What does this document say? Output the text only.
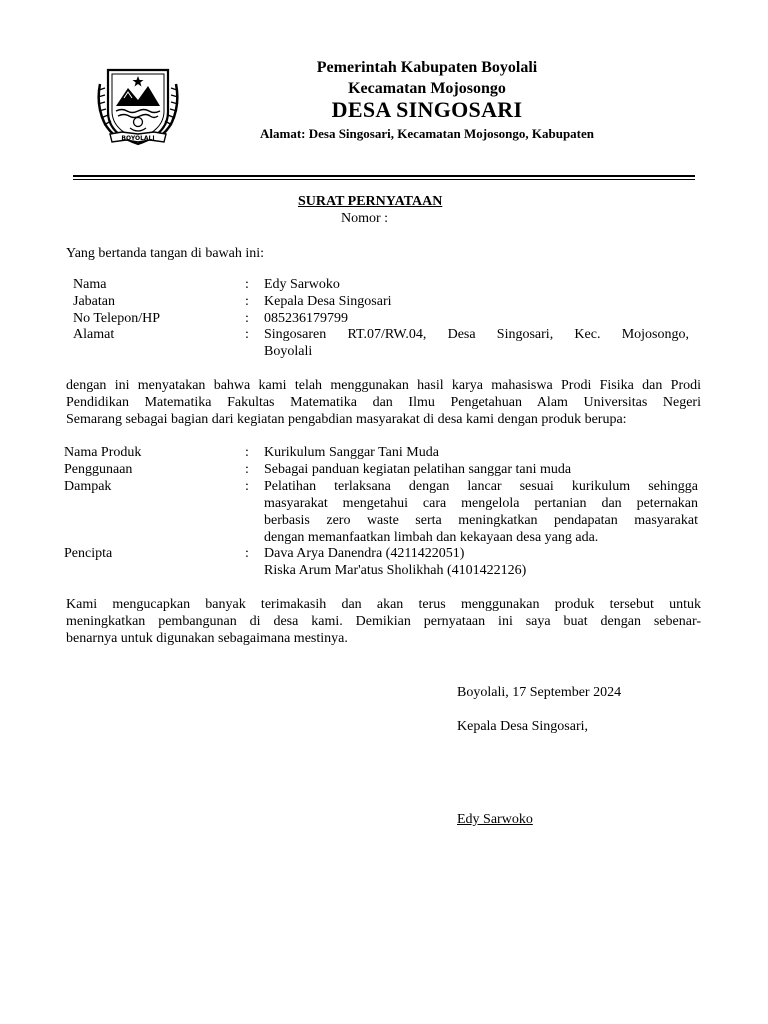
BOYOLALI
Pemerintah Kabupaten Boyolali
Kecamatan Mojosongo
DESA SINGOSARI
Alamat: Desa Singosari, Kecamatan Mojosongo, Kabupaten
SURAT PERNYATAAN
Nomor :
Yang bertanda tangan di bawah ini:
Nama	: Edy Sarwoko
Jabatan	: Kepala Desa Singosari
No Telepon/HP	: 085236179799
Alamat	: Singosaren RT.07/RW.04, Desa Singosari, Kec. Mojosongo,
Boyolali
dengan ini menyatakan bahwa kami telah menggunakan hasil karya mahasiswa Prodi Fisika dan Prodi
Pendidikan Matematika Fakultas Matematika dan Ilmu Pengetahuan Alam Universitas Negeri
Semarang sebagai bagian dari kegiatan pengabdian masyarakat di desa kami dengan produk berupa:
Nama Produk	: Kurikulum Sanggar Tani Muda
Penggunaan	: Sebagai panduan kegiatan pelatihan sanggar tani muda
Dampak	: Pelatihan terlaksana dengan lancar sesuai kurikulum sehingga
masyarakat mengetahui cara mengelola pertanian dan peternakan
berbasis zero waste serta meningkatkan pendapatan masyarakat
dengan memanfaatkan limbah dan kekayaan desa yang ada.
Pencipta	: Dava Arya Danendra (4211422051)
Riska Arum Mar'atus Sholikhah (4101422126)
Kami mengucapkan banyak terimakasih dan akan terus menggunakan produk tersebut untuk
meningkatkan pembangunan di desa kami. Demikian pernyataan ini saya buat dengan sebenar-
benarnya untuk digunakan sebagaimana mestinya.
Boyolali, 17 September 2024
Kepala Desa Singosari,
Edy Sarwoko
